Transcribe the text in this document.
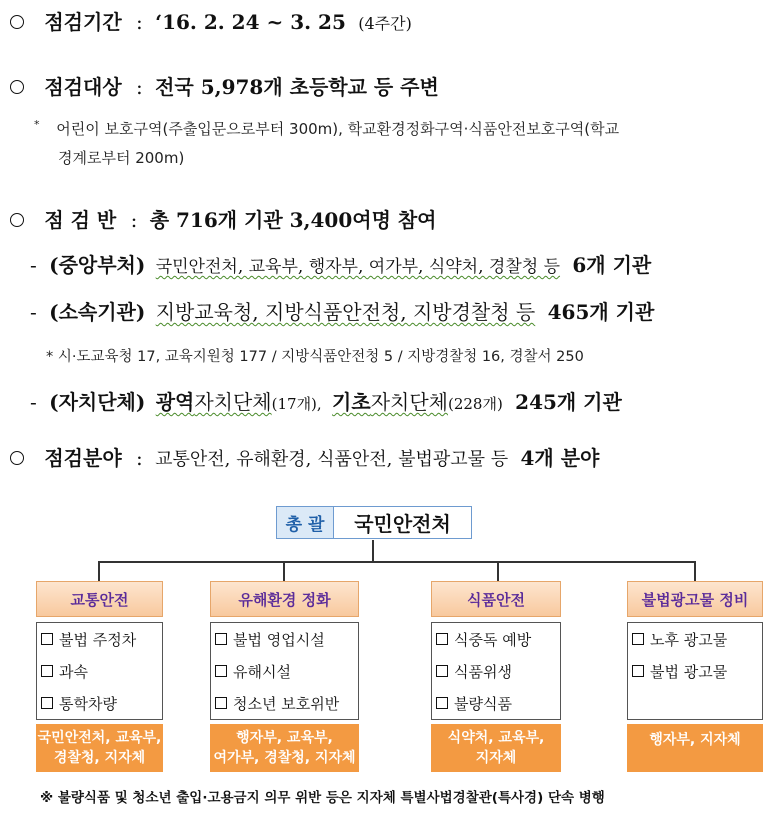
점검기간 : ‘16. 2. 24 ~ 3. 25 (4주간)
점검대상 : 전국 5,978개 초등학교 등 주변
* 어린이 보호구역(주출입문으로부터 300m), 학교환경정화구역·식품안전보호구역(학교
경계로부터 200m)
점 검 반 : 총 716개 기관 3,400여명 참여
- (중앙부처) 국민안전처, 교육부, 행자부, 여가부, 식약처, 경찰청 등 6개 기관
- (소속기관) 지방교육청, 지방식품안전청, 지방경찰청 등 465개 기관
* 시·도교육청 17, 교육지원청 177 / 지방식품안전청 5 / 지방경찰청 16, 경찰서 250
- (자치단체) 광역자치단체(17개), 기초자치단체(228개) 245개 기관
점검분야 : 교통안전, 유해환경, 식품안전, 불법광고물 등 4개 분야
총 괄	국민안전처
교통안전
불법 주정차
과속
통학차량
국민안전처, 교육부,
경찰청, 지자체
유해환경 정화
불법 영업시설
유해시설
청소년 보호위반
행자부, 교육부,
여가부, 경찰청, 지자체
식품안전
식중독 예방
식품위생
불량식품
식약처, 교육부,
지자체
불법광고물 정비
노후 광고물
불법 광고물
행자부, 지자체
※ 불량식품 및 청소년 출입·고용금지 의무 위반 등은 지자체 특별사법경찰관(특사경) 단속 병행
